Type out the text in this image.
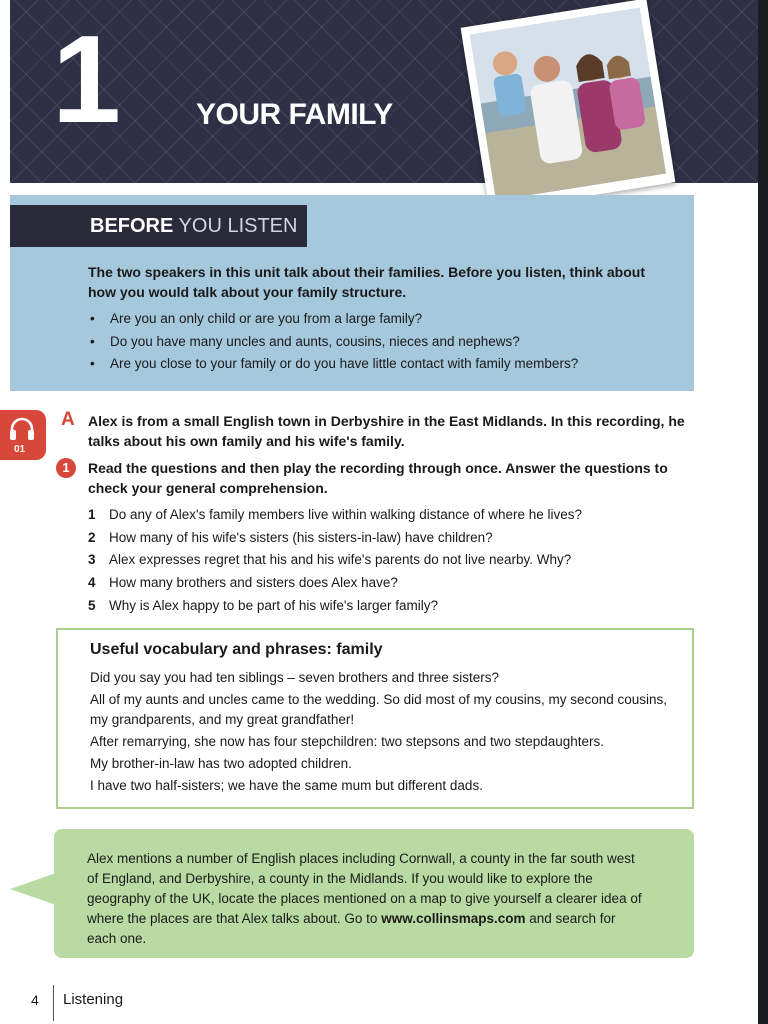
1	YOUR FAMILY
BEFORE YOU LISTEN

The two speakers in this unit talk about their families. Before you listen, think about how you would talk about your family structure.

• Are you an only child or are you from a large family?
• Do you have many uncles and aunts, cousins, nieces and nephews?
• Are you close to your family or do you have little contact with family members?
01
A Alex is from a small English town in Derbyshire in the East Midlands. In this recording, he talks about his own family and his wife's family.

1	Read the questions and then play the recording through once. Answer the questions to check your general comprehension.

1 Do any of Alex's family members live within walking distance of where he lives?
2 How many of his wife's sisters (his sisters-in-law) have children?
3 Alex expresses regret that his and his wife's parents do not live nearby. Why?
4 How many brothers and sisters does Alex have?
5 Why is Alex happy to be part of his wife's larger family?
Useful vocabulary and phrases: family

Did you say you had ten siblings – seven brothers and three sisters?

All of my aunts and uncles came to the wedding. So did most of my cousins, my second cousins, my grandparents, and my great grandfather!

After remarrying, she now has four stepchildren: two stepsons and two stepdaughters.

My brother-in-law has two adopted children.

I have two half-sisters; we have the same mum but different dads.

Alex mentions a number of English places including Cornwall, a county in the far south west of England, and Derbyshire, a county in the Midlands. If you would like to explore the geography of the UK, locate the places mentioned on a map to give yourself a clearer idea of where the places are that Alex talks about. Go to www.collinsmaps.com and search for each one.

4 Listening
